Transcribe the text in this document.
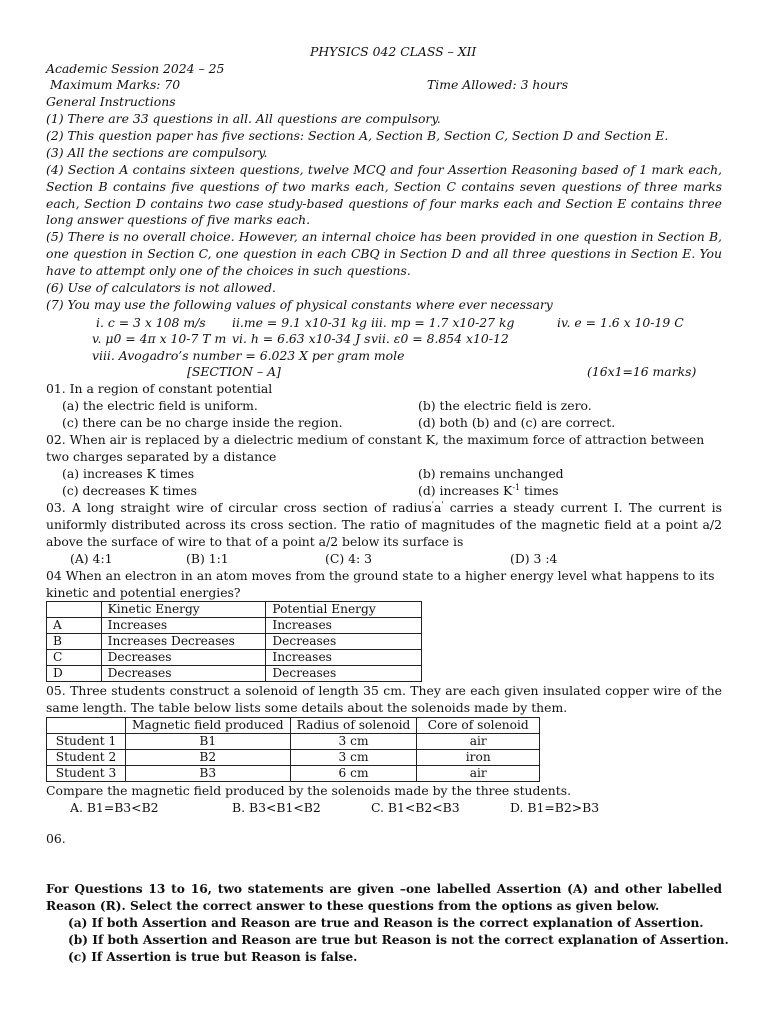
PHYSICS 042 CLASS – XII
Academic Session 2024 – 25
Maximum Marks: 70	Time Allowed: 3 hours
General Instructions
(1) There are 33 questions in all. All questions are compulsory.
(2) This question paper has five sections: Section A, Section B, Section C, Section D and Section E.
(3) All the sections are compulsory.
(4) Section A contains sixteen questions, twelve MCQ and four Assertion Reasoning based of 1 mark each, Section B contains five questions of two marks each, Section C contains seven questions of three marks each, Section D contains two case study-based questions of four marks each and Section E contains three long answer questions of five marks each.
(5) There is no overall choice. However, an internal choice has been provided in one question in Section B, one question in Section C, one question in each CBQ in Section D and all three questions in Section E. You have to attempt only one of the choices in such questions.
(6) Use of calculators is not allowed.
(7) You may use the following values of physical constants where ever necessary
i. c = 3 x 108 m/s ii.me = 9.1 x10-31 kg iii. mp = 1.7 x10-27 kg	iv. e = 1.6 x 10-19 C
v. μ0 = 4π x 10-7 T m vi. h = 6.63 x10-34 J s vii. ε0 = 8.854 x10-12
viii. Avogadro’s number = 6.023 X per gram mole
[SECTION – A]	(16x1=16 marks)
01. In a region of constant potential
(a) the electric field is uniform.	(b) the electric field is zero.
(c) there can be no charge inside the region.	(d) both (b) and (c) are correct.
02. When air is replaced by a dielectric medium of constant K, the maximum force of attraction between two charges separated by a distance
(a) increases K times	(b) remains unchanged
(c) decreases K times	(d) increases $K^{-1}$ times
03. A long straight wire of circular cross section of radius'a' carries a steady current I. The current is uniformly distributed across its cross section. The ratio of magnitudes of the magnetic field at a point a/2 above the surface of wire to that of a point a/2 below its surface is
(A) 4:1	(B) 1:1	(C) 4: 3	(D) 3 :4
04 When an electron in an atom moves from the ground state to a higher energy level what happens to its kinetic and potential energies?
	Kinetic Energy	Potential Energy
A	Increases	Increases
B	Increases Decreases	Decreases
C	Decreases	Increases
D	Decreases	Decreases
05. Three students construct a solenoid of length 35 cm. They are each given insulated copper wire of the same length. The table below lists some details about the solenoids made by them.
	Magnetic field produced	Radius of solenoid	Core of solenoid
Student 1	B1	3 cm	air
Student 2	B2	3 cm	iron
Student 3	B3	6 cm	air
Compare the magnetic field produced by the solenoids made by the three students.
A. B1=B3<B2	B. B3<B1<B2	C. B1<B2<B3	D. B1=B2>B3
06.
For Questions 13 to 16, two statements are given –one labelled Assertion (A) and other labelled Reason (R). Select the correct answer to these questions from the options as given below.
(a) If both Assertion and Reason are true and Reason is the correct explanation of Assertion.
(b) If both Assertion and Reason are true but Reason is not the correct explanation of Assertion.
(c) If Assertion is true but Reason is false.
